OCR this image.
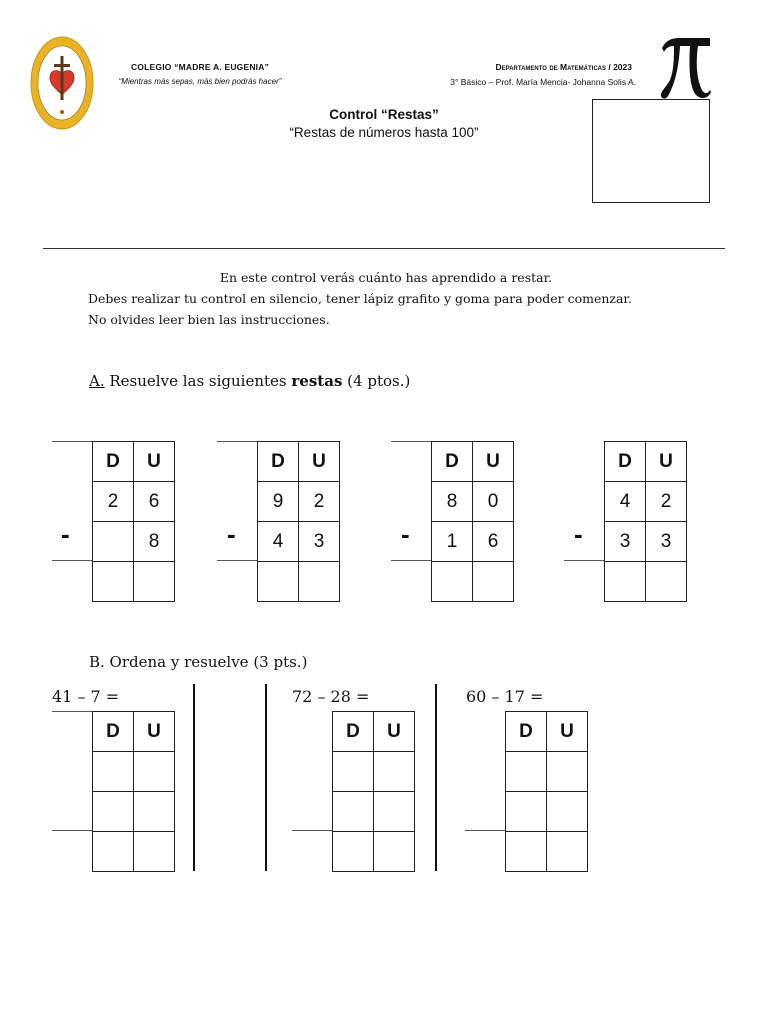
COLEGIO “MADRE A. EUGENIA”
“Mientras más sepas, más bien podrás hacer”
Departamento de Matemáticas / 2023
3° Básico – Prof. María Mencia- Johanna Solis A.
Control “Restas”
“Restas de números hasta 100”
En este control verás cuánto has aprendido a restar.
Debes realizar tu control en silencio, tener lápiz grafito y goma para poder comenzar.
No olvides leer bien las instrucciones.
A. Resuelve las siguientes restas (4 ptos.)
-
D	U
2	6
	8
		-
D	U
9	2
4	3
		-
D	U
8	0
1	6
		-
D	U
4	2
3	3

B. Ordena y resuelve (3 pts.)
41 – 7 =
D	U

72 – 28 =
D	U

60 – 17 =
D	U
